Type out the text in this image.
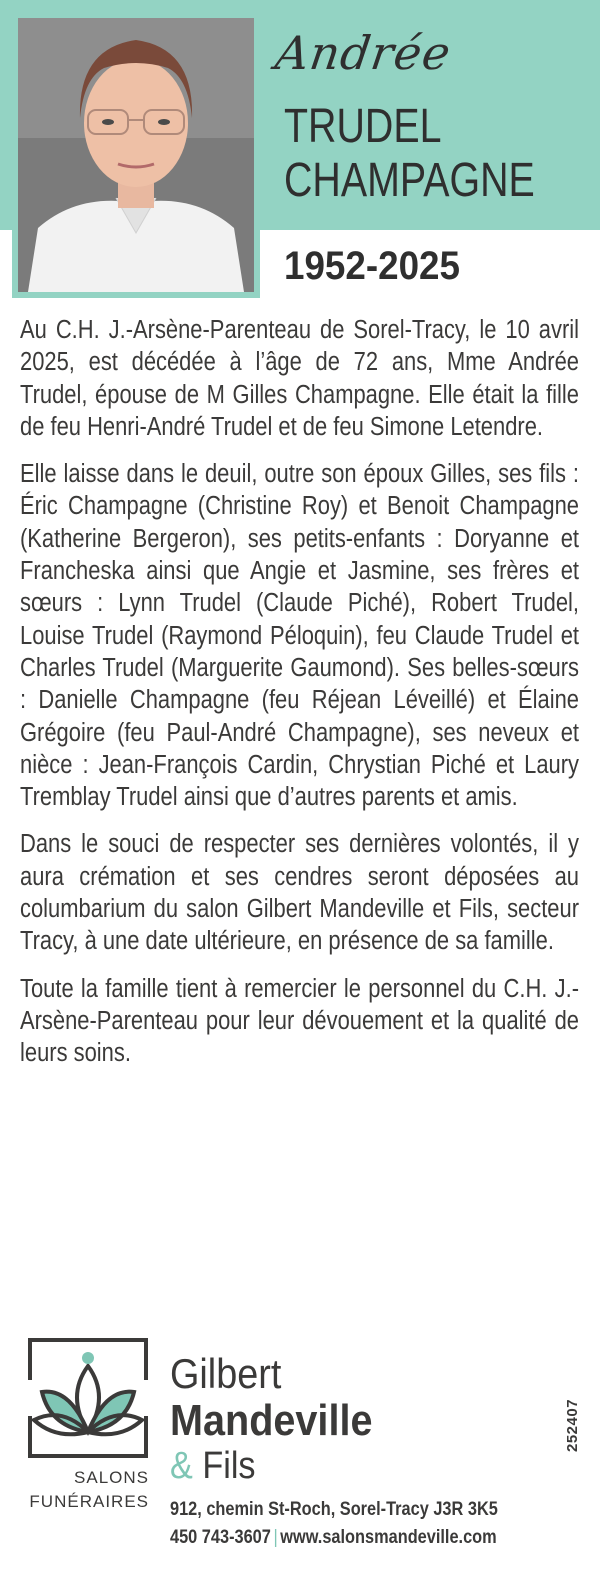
Andrée
TRUDEL
CHAMPAGNE
1952-2025

Au C.H. J.-Arsène-Parenteau de Sorel-Tracy, le 10 avril 2025, est décédée à l’âge de 72 ans, Mme Andrée Trudel, épouse de M Gilles Champagne. Elle était la fille de feu Henri-André Trudel et de feu Simone Letendre.

Elle laisse dans le deuil, outre son époux Gilles, ses fils : Éric Champagne (Christine Roy) et Benoit Champagne (Katherine Bergeron), ses petits-enfants : Doryanne et Francheska ainsi que Angie et Jasmine, ses frères et sœurs : Lynn Trudel (Claude Piché), Robert Trudel, Louise Trudel (Raymond Péloquin), feu Claude Trudel et Charles Trudel (Marguerite Gaumond). Ses belles-sœurs : Danielle Champagne (feu Réjean Léveillé) et Élaine Grégoire (feu Paul-André Champagne), ses neveux et nièce : Jean-François Cardin, Chrystian Piché et Laury Tremblay Trudel ainsi que d’autres parents et amis.

Dans le souci de respecter ses dernières volontés, il y aura crémation et ses cendres seront déposées au columbarium du salon Gilbert Mandeville et Fils, secteur Tracy, à une date ultérieure, en présence de sa famille.

Toute la famille tient à remercier le personnel du C.H. J.-Arsène-Parenteau pour leur dévouement et la qualité de leurs soins.

SALONS
FUNÉRAIRES
Gilbert
Mandeville
& Fils
912, chemin St-Roch, Sorel-Tracy J3R 3K5
450 743-3607 | www.salonsmandeville.com
252407
